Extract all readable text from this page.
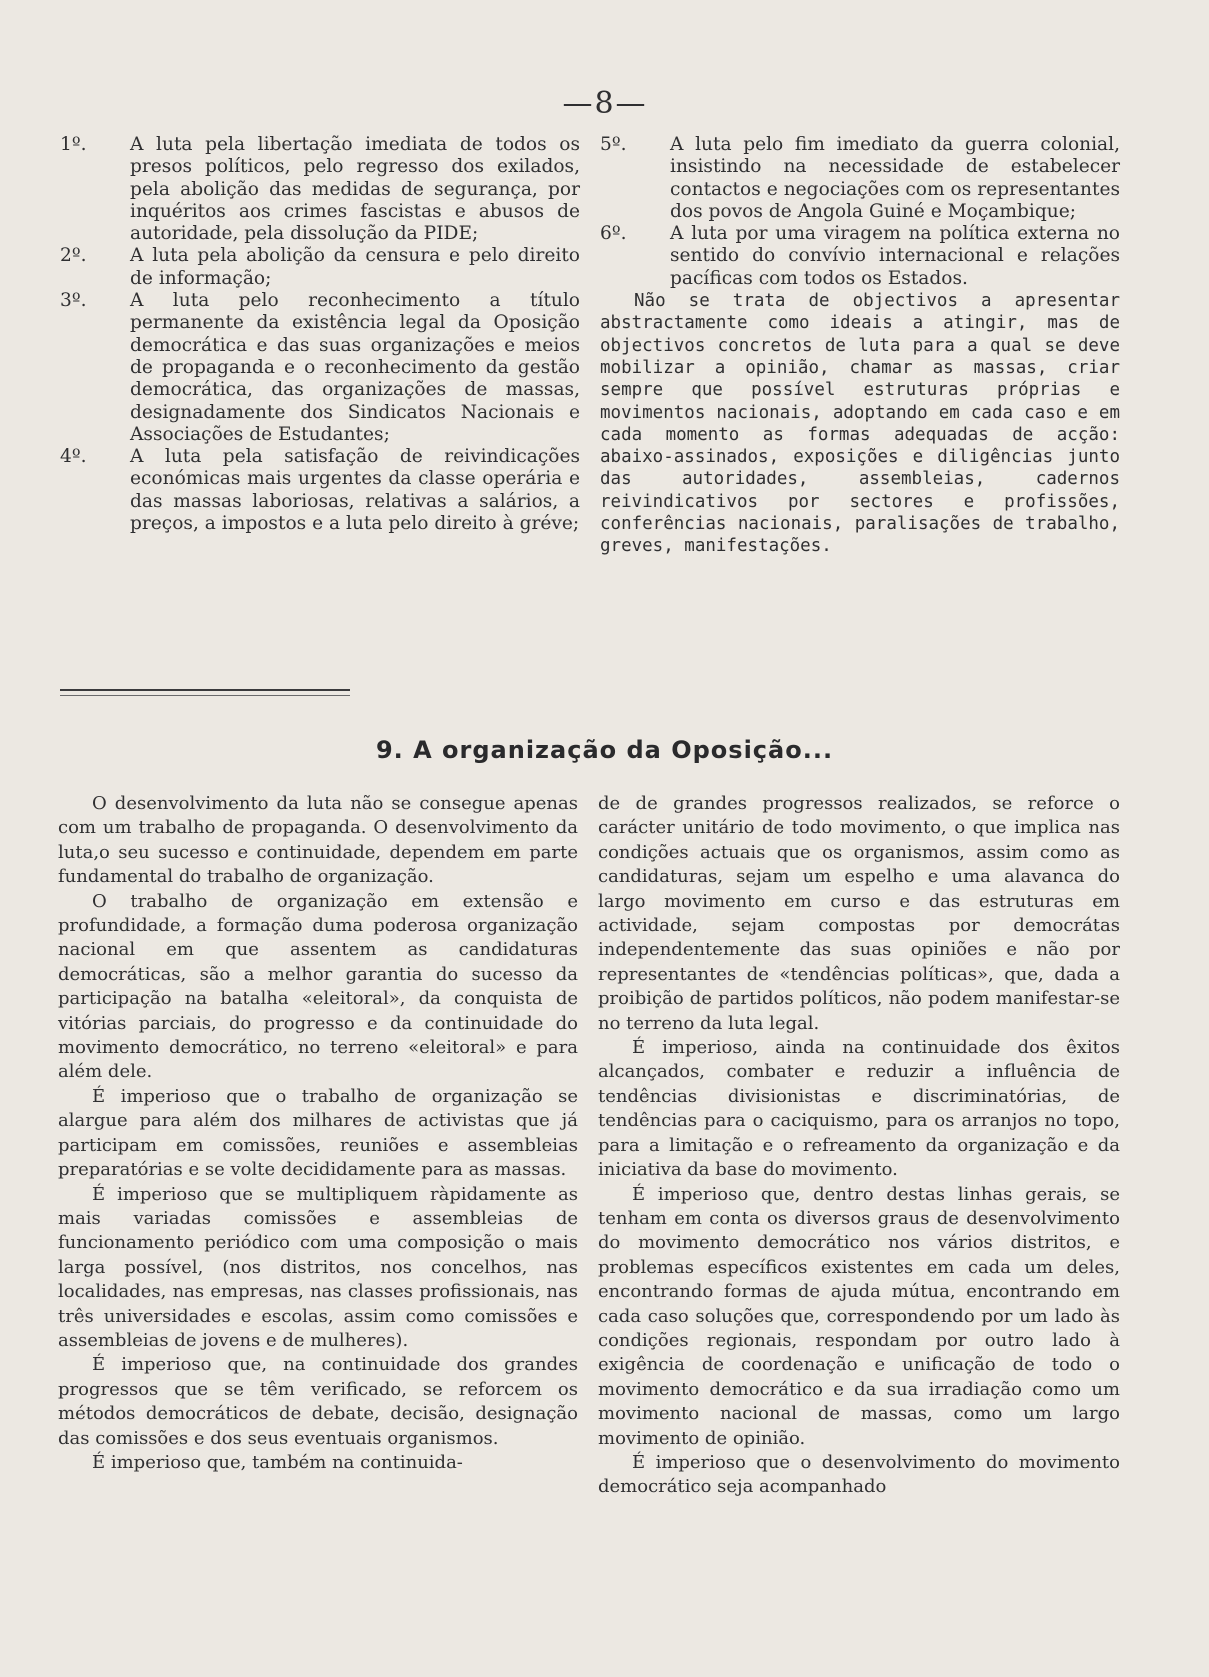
—8—

1º. A luta pela libertação imediata de todos os presos políticos, pelo regresso dos exilados, pela abolição das medidas de segurança, por inquéritos aos crimes fascistas e abusos de autoridade, pela dissolução da PIDE;

2º. A luta pela abolição da censura e pelo direito de informação;

3º. A luta pelo reconhecimento a título permanente da existência legal da Oposição democrática e das suas organizações e meios de propaganda e o reconhecimento da gestão democrática, das organizações de massas, designadamente dos Sindicatos Nacionais e Associações de Estudantes;

4º. A luta pela satisfação de reivindicações económicas mais urgentes da classe operária e das massas laboriosas, relativas a salários, a preços, a impostos e a luta pelo direito à gréve;

5º. A luta pelo fim imediato da guerra colonial, insistindo na necessidade de estabelecer contactos e negociações com os representantes dos povos de Angola Guiné e Moçambique;

6º. A luta por uma viragem na política externa no sentido do convívio internacional e relações pacíficas com todos os Estados.

Não se trata de objectivos a apresentar abstractamente como ideais a atingir, mas de objectivos concretos de luta para a qual se deve mobilizar a opinião, chamar as massas, criar sempre que possível estruturas próprias e movimentos nacionais, adoptando em cada caso e em cada momento as formas adequadas de acção: abaixo-assinados, exposições e diligências junto das autoridades, assembleias, cadernos reivindicativos por sectores e profissões, conferências nacionais, paralisações de trabalho, greves, manifestações.

9. A organização da Oposição...

O desenvolvimento da luta não se consegue apenas com um trabalho de propaganda. O desenvolvimento da luta,o seu sucesso e continuidade, dependem em parte fundamental do trabalho de organização.

O trabalho de organização em extensão e profundidade, a formação duma poderosa organização nacional em que assentem as candidaturas democráticas, são a melhor garantia do sucesso da participação na batalha «eleitoral», da conquista de vitórias parciais, do progresso e da continuidade do movimento democrático, no terreno «eleitoral» e para além dele.

É imperioso que o trabalho de organização se alargue para além dos milhares de activistas que já participam em comissões, reuniões e assembleias preparatórias e se volte decididamente para as massas.

É imperioso que se multipliquem ràpidamente as mais variadas comissões e assembleias de funcionamento periódico com uma composição o mais larga possível, (nos distritos, nos concelhos, nas localidades, nas empresas, nas classes profissionais, nas três universidades e escolas, assim como comissões e assembleias de jovens e de mulheres).

É imperioso que, na continuidade dos grandes progressos que se têm verificado, se reforcem os métodos democráticos de debate, decisão, designação das comissões e dos seus eventuais organismos.

É imperioso que, também na continuida-

de de grandes progressos realizados, se reforce o carácter unitário de todo movimento, o que implica nas condições actuais que os organismos, assim como as candidaturas, sejam um espelho e uma alavanca do largo movimento em curso e das estruturas em actividade, sejam compostas por democrátas independentemente das suas opiniões e não por representantes de «tendências políticas», que, dada a proibição de partidos políticos, não podem manifestar-se no terreno da luta legal.

É imperioso, ainda na continuidade dos êxitos alcançados, combater e reduzir a influência de tendências divisionistas e discriminatórias, de tendências para o caciquismo, para os arranjos no topo, para a limitação e o refreamento da organização e da iniciativa da base do movimento.

É imperioso que, dentro destas linhas gerais, se tenham em conta os diversos graus de desenvolvimento do movimento democrático nos vários distritos, e problemas específicos existentes em cada um deles, encontrando formas de ajuda mútua, encontrando em cada caso soluções que, correspondendo por um lado às condições regionais, respondam por outro lado à exigência de coordenação e unificação de todo o movimento democrático e da sua irradiação como um movimento nacional de massas, como um largo movimento de opinião.

É imperioso que o desenvolvimento do movimento democrático seja acompanhado
